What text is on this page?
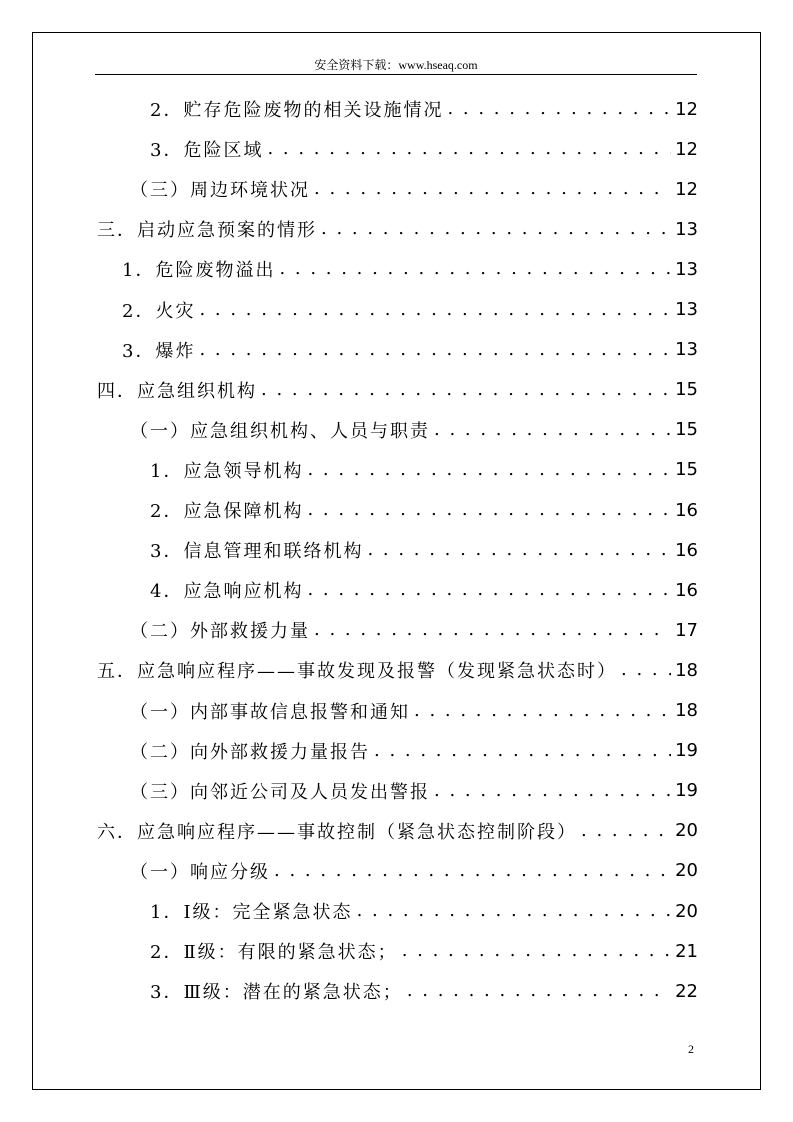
安全资料下载：www.hseaq.com
2．贮存危险废物的相关设施情况 . . .	12
3．危险区域 . . .	12
（三）周边环境状况 . . .	12
三．启动应急预案的情形 . . .	13
1．危险废物溢出 . . .	13
2．火灾 . . .	13
3．爆炸 . . .	13
四．应急组织机构 . . .	15
（一）应急组织机构、人员与职责 . . .	15
1．应急领导机构 . . .	15
2．应急保障机构 . . .	16
3．信息管理和联络机构 . . .	16
4．应急响应机构 . . .	16
（二）外部救援力量 . . .	17
五．应急响应程序——事故发现及报警（发现紧急状态时） . . .	18
（一）内部事故信息报警和通知 . . .	18
（二）向外部救援力量报告 . . .	19
（三）向邻近公司及人员发出警报 . . .	19
六．应急响应程序——事故控制（紧急状态控制阶段） . . .	20
（一）响应分级 . . .	20
1．Ⅰ级：完全紧急状态 . . .	20
2．Ⅱ级：有限的紧急状态； . . .	21
3．Ⅲ级：潜在的紧急状态； . . .	22
2
